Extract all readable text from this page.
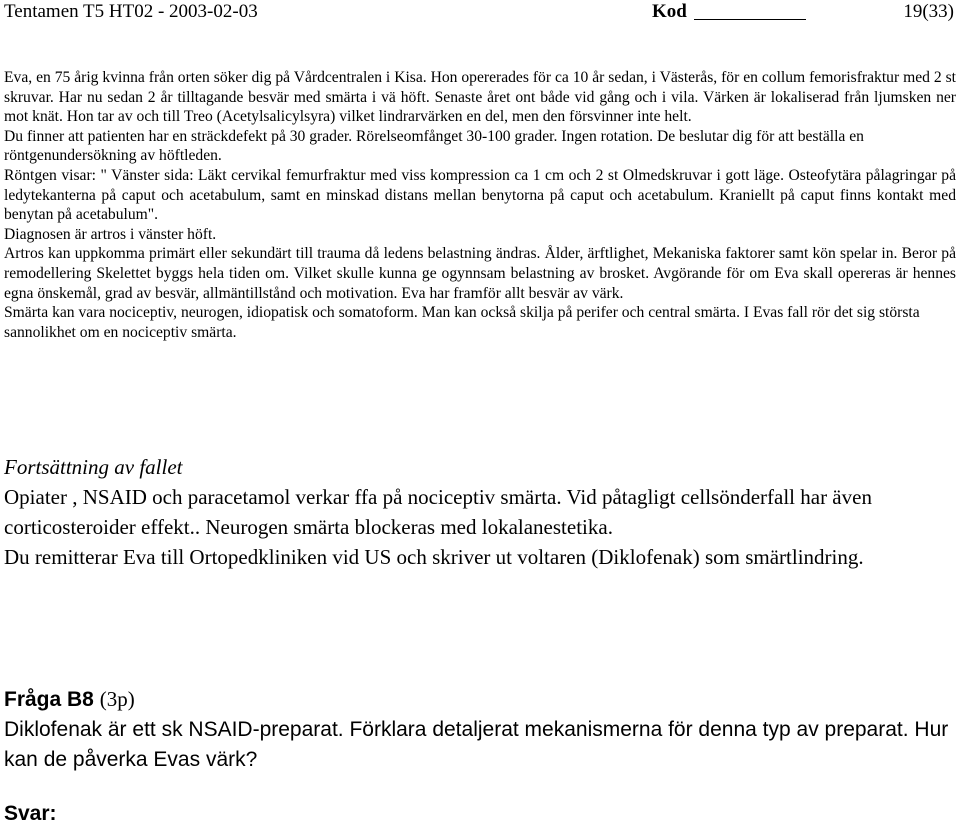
Tentamen T5 HT02 - 2003-02-03	Kod	19(33)

Eva, en 75 årig kvinna från orten söker dig på Vårdcentralen i Kisa. Hon opererades för ca 10 år sedan, i Västerås, för en collum femorisfraktur med 2 st skruvar. Har nu sedan 2 år tilltagande besvär med smärta i vä höft. Senaste året ont både vid gång och i vila. Värken är lokaliserad från ljumsken ner mot knät. Hon tar av och till Treo (Acetylsalicylsyra) vilket lindrarvärken en del, men den försvinner inte helt.

Du finner att patienten har en sträckdefekt på 30 grader. Rörelseomfånget 30-100 grader. Ingen rotation. De beslutar dig för att beställa en röntgenundersökning av höftleden.

Röntgen visar: " Vänster sida: Läkt cervikal femurfraktur med viss kompression ca 1 cm och 2 st Olmedskruvar i gott läge. Osteofytära pålagringar på ledytekanterna på caput och acetabulum, samt en minskad distans mellan benytorna på caput och acetabulum. Kraniellt på caput finns kontakt med benytan på acetabulum".

Diagnosen är artros i vänster höft.

Artros kan uppkomma primärt eller sekundärt till trauma då ledens belastning ändras. Ålder, ärftlighet, Mekaniska faktorer samt kön spelar in. Beror på remodellering Skelettet byggs hela tiden om. Vilket skulle kunna ge ogynnsam belastning av brosket. Avgörande för om Eva skall opereras är hennes egna önskemål, grad av besvär, allmäntillstånd och motivation. Eva har framför allt besvär av värk.

Smärta kan vara nociceptiv, neurogen, idiopatisk och somatoform. Man kan också skilja på perifer och central smärta. I Evas fall rör det sig största sannolikhet om en nociceptiv smärta.

Fortsättning av fallet

Opiater , NSAID och paracetamol verkar ffa på nociceptiv smärta. Vid påtagligt cellsönderfall har även corticosteroider effekt.. Neurogen smärta blockeras med lokalanestetika.

Du remitterar Eva till Ortopedkliniken vid US och skriver ut voltaren (Diklofenak) som smärtlindring.

Fråga B8 (3p)

Diklofenak är ett sk NSAID-preparat. Förklara detaljerat mekanismerna för denna typ av preparat. Hur kan de påverka Evas värk?

Svar:
